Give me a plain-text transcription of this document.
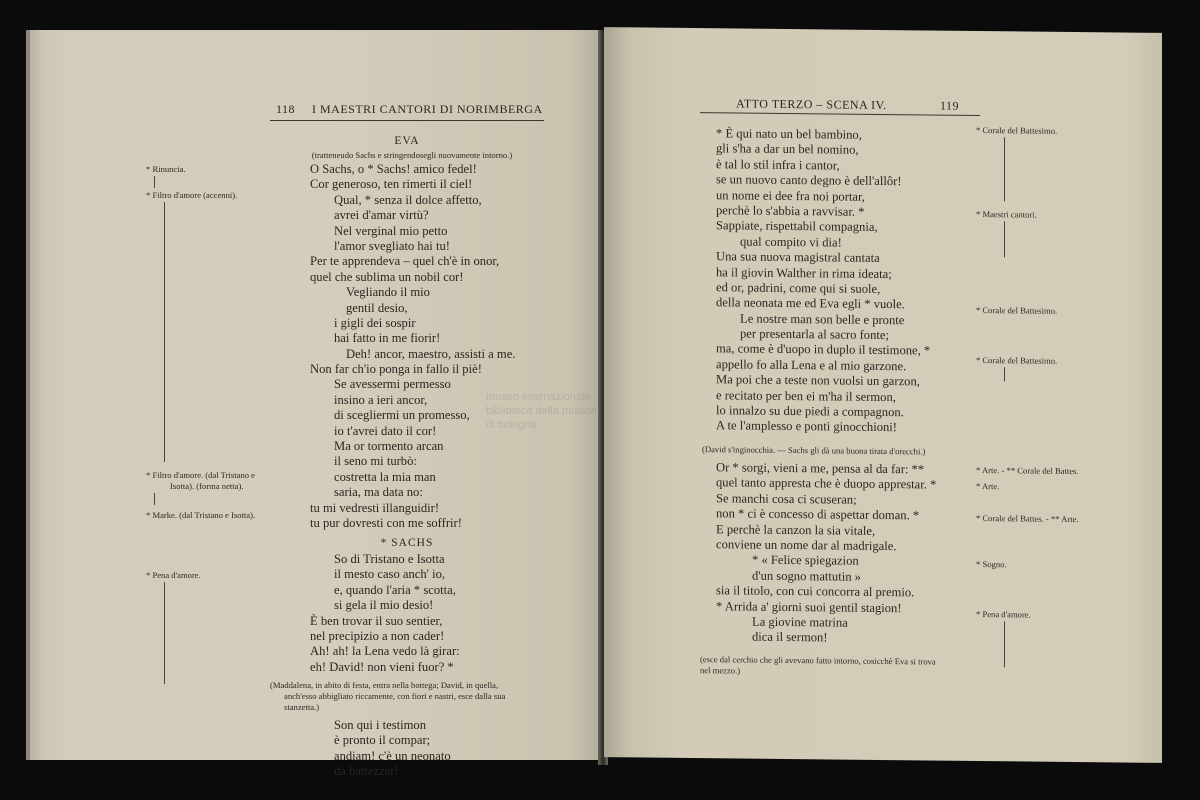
118 I MAESTRI CANTORI DI NORIMBERGA
EVA
(tratteneudo Sachs e stringendosegli nuovamente intorno.)
O Sachs, o * Sachs! amico fedel!
Cor generoso, ten rimerti il ciel!
Qual, * senza il dolce affetto,
avrei d'amar virtù?
Nel verginal mio petto
l'amor svegliato hai tu!
Per te apprendeva – quel ch'è in onor,
quel che sublima un nobil cor!
Vegliando il mio
gentil desio,
i gigli dei sospir
hai fatto in me fiorir!
Deh! ancor, maestro, assisti a me.
Non far ch'io ponga in fallo il piè!
Se avessermi permesso
insino a ieri ancor,
di scegliermi un promesso,
io t'avrei dato il cor!
Ma or tormento arcan
il seno mi turbò:
costretta la mia man
saria, ma data no:
tu mi vedresti illanguidir!
tu pur dovresti con me soffrir!
* SACHS
So di Tristano e Isotta
il mesto caso anch' io,
e, quando l'aria * scotta,
si gela il mio desio!
È ben trovar il suo sentier,
nel precipizio a non cader!
Ah! ah! la Lena vedo là girar:
eh! David! non vieni fuor? *
(Maddalena, in abito di festa, entra nella bottega; David, in quella,
anch'esso abbigliato riccamente, con fiori e nastri, esce dalla sua
stanzetta.)
Son qui i testimon
è pronto il compar;
andiam! c'è un neonato
da battezzar!
* Rinuncia.
* Filtro d'amore (accenni).
* Filtro d'amore. (dal Tristano e
Isotta). (forma netta).
* Marke. (dal Tristano e Isotta).
* Pena d'amore.
ATTO TERZO – SCENA IV.	119
* È qui nato un bel bambino,
gli s'ha a dar un bel nomino,
è tal lo stil infra i cantor,
se un nuovo canto degno è dell'allôr!
un nome ei dee fra noi portar,
perchè lo s'abbia a ravvisar. *
Sappiate, rispettabil compagnia,
qual compito vi dia!
Una sua nuova magistral cantata
ha il giovin Walther in rima ideata;
ed or, padrini, come qui si suole,
della neonata me ed Eva egli * vuole.
Le nostre man son belle e pronte
per presentarla al sacro fonte;
ma, come è d'uopo in duplo il testimone, *
appello fo alla Lena e al mio garzone.
Ma poi che a teste non vuolsi un garzon,
e recitato per ben ei m'ha il sermon,
lo innalzo su due piedi a compagnon.
A te l'amplesso e ponti ginocchioni!
(David s'inginocchia. — Sachs gli dà una buona tirata d'orecchi.)
Or * sorgi, vieni a me, pensa al da far: **
quel tanto appresta che è duopo apprestar. *
Se manchi cosa ci scuseran;
non * ci è concesso di aspettar doman. *
E perchè la canzon la sia vitale,
conviene un nome dar al madrigale.
* « Felice spiegazion
d'un sogno mattutin »
sia il titolo, con cui concorra al premio.
* Arrida a' giorni suoi gentil stagion!
La giovine matrina
dica il sermon!
(esce dal cerchio che gli avevano fatto intorno, cosicchè Eva si trova
nel mezzo.)
* Corale del Battesimo.
* Maestri cantori.
* Corale del Battesimo.
* Corale del Battesimo.
* Arte. - ** Corale del Battes.
* Arte.
* Corale del Battes. - ** Arte.
* Sogno.
* Pena d'amore.
museo internazionale
biblioteca della musica
di bologna
